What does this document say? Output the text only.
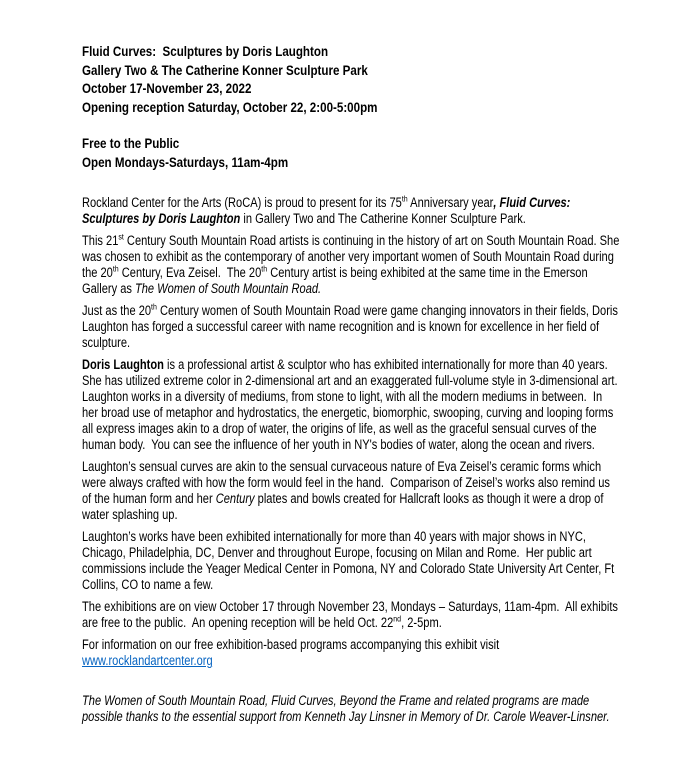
Fluid Curves:  Sculptures by Doris Laughton
Gallery Two & The Catherine Konner Sculpture Park
October 17-November 23, 2022
Opening reception Saturday, October 22, 2:00-5:00pm
Free to the Public
Open Mondays-Saturdays, 11am-4pm

Rockland Center for the Arts (RoCA) is proud to present for its 75th Anniversary year, Fluid Curves: Sculptures by Doris Laughton in Gallery Two and The Catherine Konner Sculpture Park.

This 21st Century South Mountain Road artists is continuing in the history of art on South Mountain Road. She was chosen to exhibit as the contemporary of another very important women of South Mountain Road during the 20th Century, Eva Zeisel.  The 20th Century artist is being exhibited at the same time in the Emerson Gallery as The Women of South Mountain Road.

Just as the 20th Century women of South Mountain Road were game changing innovators in their fields, Doris Laughton has forged a successful career with name recognition and is known for excellence in her field of sculpture.

Doris Laughton is a professional artist & sculptor who has exhibited internationally for more than 40 years.  She has utilized extreme color in 2-dimensional art and an exaggerated full-volume style in 3-dimensional art.  Laughton works in a diversity of mediums, from stone to light, with all the modern mediums in between.  In her broad use of metaphor and hydrostatics, the energetic, biomorphic, swooping, curving and looping forms all express images akin to a drop of water, the origins of life, as well as the graceful sensual curves of the human body.  You can see the influence of her youth in NY's bodies of water, along the ocean and rivers.

Laughton’s sensual curves are akin to the sensual curvaceous nature of Eva Zeisel’s ceramic forms which were always crafted with how the form would feel in the hand.  Comparison of Zeisel’s works also remind us of the human form and her Century plates and bowls created for Hallcraft looks as though it were a drop of water splashing up.

Laughton’s works have been exhibited internationally for more than 40 years with major shows in NYC, Chicago, Philadelphia, DC, Denver and throughout Europe, focusing on Milan and Rome.  Her public art commissions include the Yeager Medical Center in Pomona, NY and Colorado State University Art Center, Ft Collins, CO to name a few.

The exhibitions are on view October 17 through November 23, Mondays – Saturdays, 11am-4pm.  All exhibits are free to the public.  An opening reception will be held Oct. 22nd, 2-5pm.

For information on our free exhibition-based programs accompanying this exhibit visit
www.rocklandartcenter.org

The Women of South Mountain Road, Fluid Curves, Beyond the Frame and related programs are made possible thanks to the essential support from Kenneth Jay Linsner in Memory of Dr. Carole Weaver-Linsner.
